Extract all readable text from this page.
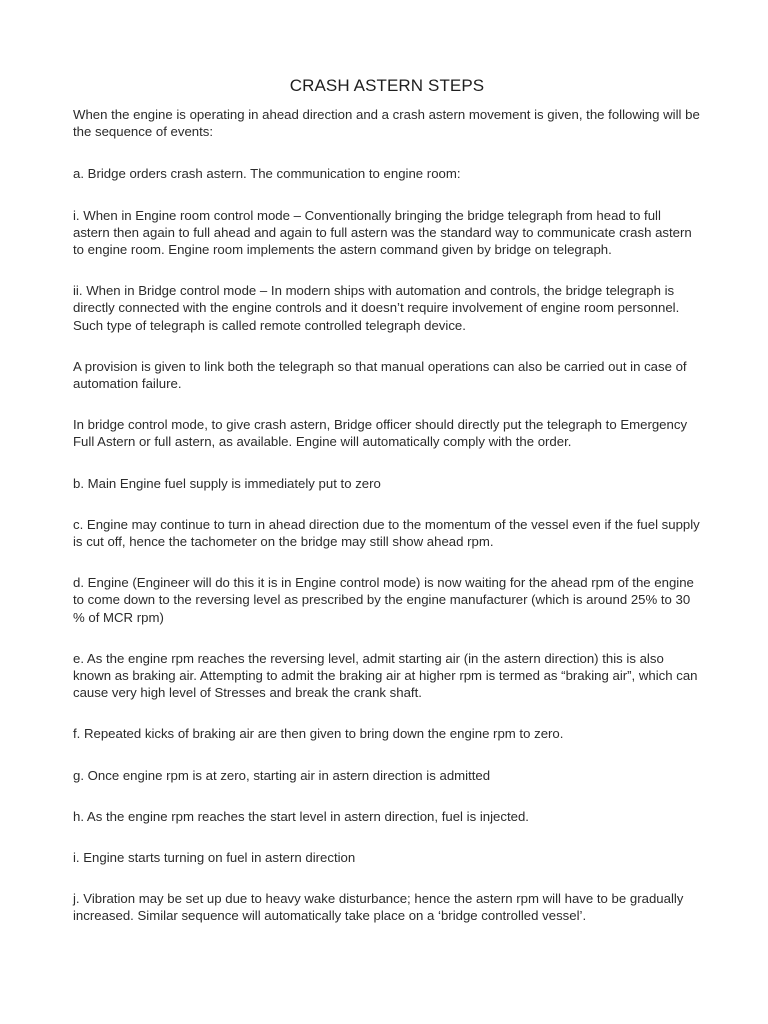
CRASH ASTERN STEPS

When the engine is operating in ahead direction and a crash astern movement is given, the following will be the sequence of events:

a. Bridge orders crash astern. The communication to engine room:

i. When in Engine room control mode – Conventionally bringing the bridge telegraph from head to full astern then again to full ahead and again to full astern was the standard way to communicate crash astern to engine room. Engine room implements the astern command given by bridge on telegraph.

ii. When in Bridge control mode – In modern ships with automation and controls, the bridge telegraph is directly connected with the engine controls and it doesn’t require involvement of engine room personnel. Such type of telegraph is called remote controlled telegraph device.

A provision is given to link both the telegraph so that manual operations can also be carried out in case of automation failure.

In bridge control mode, to give crash astern, Bridge officer should directly put the telegraph to Emergency Full Astern or full astern, as available. Engine will automatically comply with the order.

b. Main Engine fuel supply is immediately put to zero

c. Engine may continue to turn in ahead direction due to the momentum of the vessel even if the fuel supply is cut off, hence the tachometer on the bridge may still show ahead rpm.

d. Engine (Engineer will do this it is in Engine control mode) is now waiting for the ahead rpm of the engine to come down to the reversing level as prescribed by the engine manufacturer (which is around 25% to 30 % of MCR rpm)

e. As the engine rpm reaches the reversing level, admit starting air (in the astern direction) this is also known as braking air. Attempting to admit the braking air at higher rpm is termed as “braking air”, which can cause very high level of Stresses and break the crank shaft.

f. Repeated kicks of braking air are then given to bring down the engine rpm to zero.

g. Once engine rpm is at zero, starting air in astern direction is admitted

h. As the engine rpm reaches the start level in astern direction, fuel is injected.

i. Engine starts turning on fuel in astern direction

j. Vibration may be set up due to heavy wake disturbance; hence the astern rpm will have to be gradually increased. Similar sequence will automatically take place on a ‘bridge controlled vessel’.
